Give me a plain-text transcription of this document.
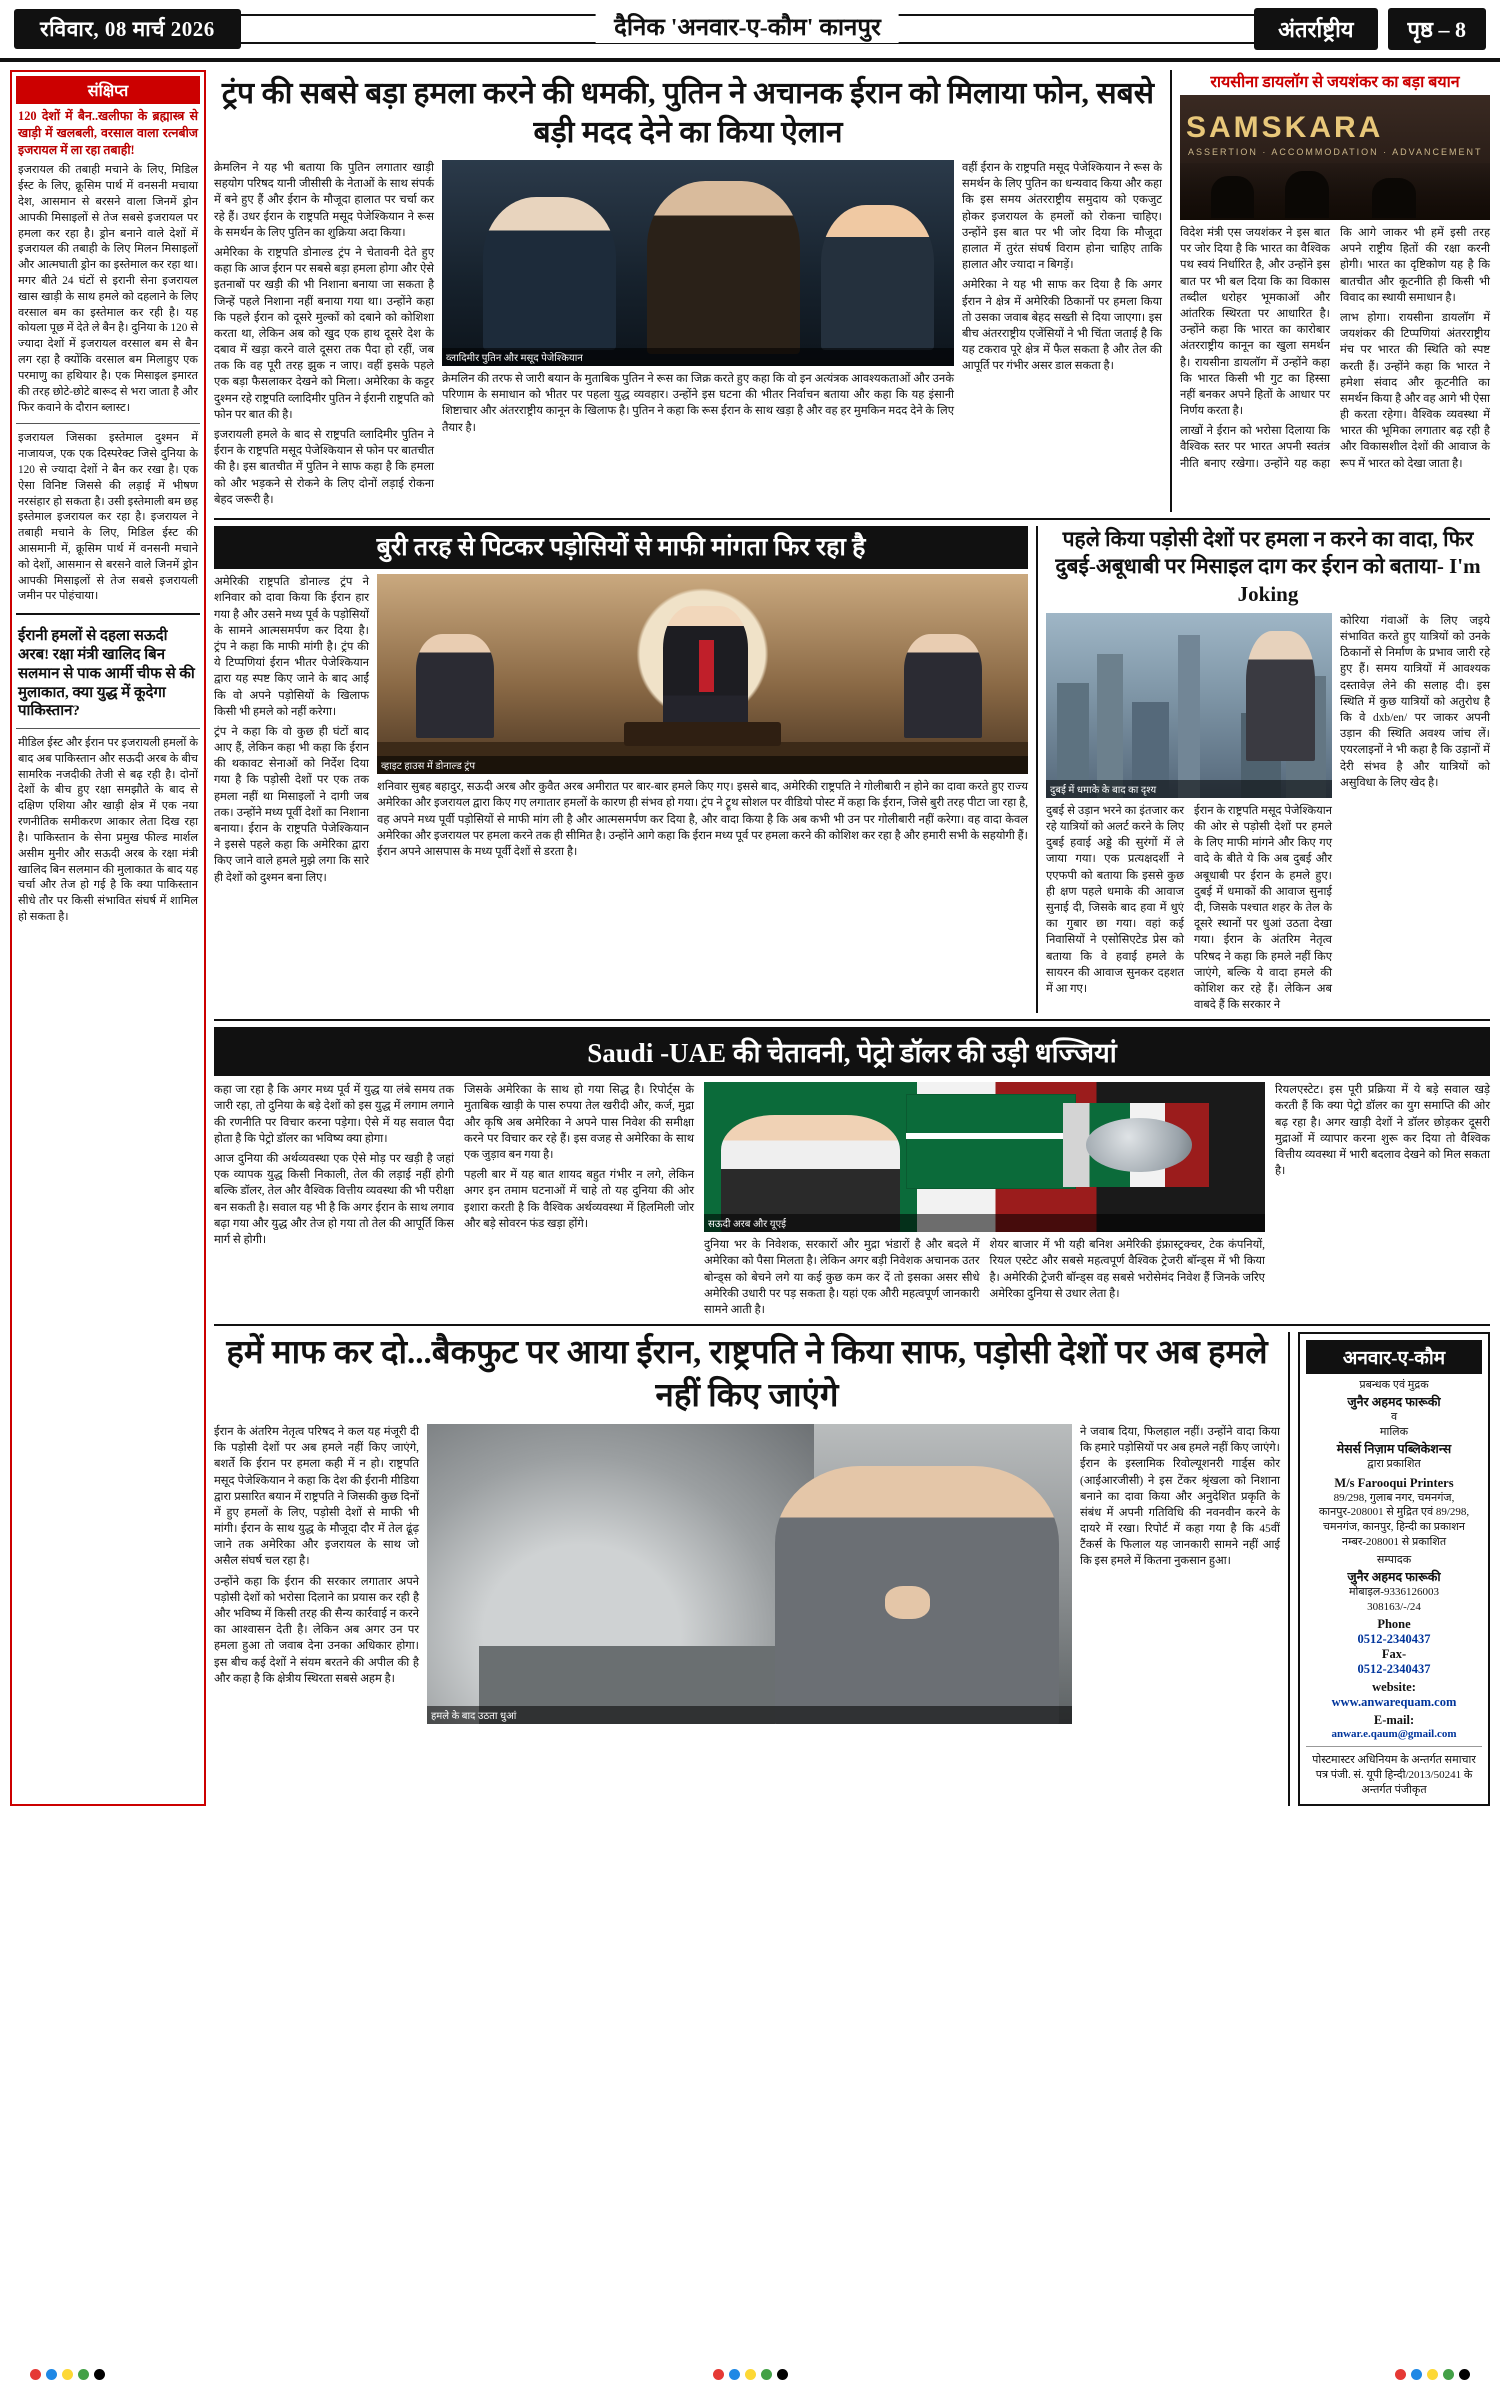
रविवार, 08 मार्च 2026	दैनिक 'अनवार-ए-कौम' कानपुर	अंतर्राष्ट्रीय	पृष्ठ – 8
संक्षिप्त
120 देशों में बैन..खलीफा के ब्रह्मास्त्र से खाड़ी में खलबली, वरसाल वाला रत्नबीज इजरायल में ला रहा तबाही!
इजरायल की तबाही मचाने के लिए, मिडिल ईस्ट के लिए, क्रूसिम पार्थ में वनसनी मचाया देश, आसमान से बरसने वाला जिनमें ड्रोन आपकी मिसाइलों से तेज सबसे इजरायल पर हमला कर रहा है। ड्रोन बनाने वाले देशों में इजरायल की तबाही के लिए मिलन मिसाइलों और आत्मघाती ड्रोन का इस्तेमाल कर रहा था। मगर बीते 24 घंटों से इरानी सेना इजरायल खास खाड़ी के साथ हमले को दहलाने के लिए वरसाल बम का इस्तेमाल कर रही है। यह कोयला पूछ में देते ले बैन है। दुनिया के 120 से ज्यादा देशों में इजरायल वरसाल बम से बैन लग रहा है क्योंकि वरसाल बम मिलाहुए एक परमाणु का हथियार है। एक मिसाइल इमारत की तरह छोटे-छोटे बारूद से भरा जाता है और फिर कवाने के दौरान ब्लास्ट।
इजरायल जिसका इस्तेमाल दुश्मन में नाजायज, एक एक दिस्परेक्ट जिसे दुनिया के 120 से ज्यादा देशों ने बैन कर रखा है। एक ऐसा विनिष्ट जिससे की लड़ाई में भीषण नरसंहार हो सकता है। उसी इस्तेमाली बम छह इस्तेमाल इजरायल कर रहा है। इजरायल ने तबाही मचाने के लिए, मिडिल ईस्ट की आसमानी में, क्रूसिम पार्थ में वनसनी मचाने को देशों, आसमान से बरसने वाले जिनमें ड्रोन आपकी मिसाइलों से तेज सबसे इजरायली जमीन पर पोहंचाया।
ईरानी हमलों से दहला सऊदी अरब! रक्षा मंत्री खालिद बिन सलमान से पाक आर्मी चीफ से की मुलाकात, क्या युद्ध में कूदेगा पाकिस्तान?
मीडिल ईस्ट और ईरान पर इजरायली हमलों के बाद अब पाकिस्तान और सऊदी अरब के बीच सामरिक नजदीकी तेजी से बढ़ रही है। दोनों देशों के बीच हुए रक्षा समझौते के बाद से दक्षिण एशिया और खाड़ी क्षेत्र में एक नया रणनीतिक समीकरण आकार लेता दिख रहा है। पाकिस्तान के सेना प्रमुख फील्ड मार्शल असीम मुनीर और सऊदी अरब के रक्षा मंत्री खालिद बिन सलमान की मुलाकात के बाद यह चर्चा और तेज हो गई है कि क्या पाकिस्तान सीधे तौर पर किसी संभावित संघर्ष में शामिल हो सकता है।
ट्रंप की सबसे बड़ा हमला करने की धमकी, पुतिन ने अचानक ईरान को मिलाया फोन, सबसे बड़ी मदद देने का किया ऐलान

क्रेमलिन ने यह भी बताया कि पुतिन लगातार खाड़ी सहयोग परिषद यानी जीसीसी के नेताओं के साथ संपर्क में बने हुए हैं और ईरान के मौजूदा हालात पर चर्चा कर रहे हैं। उधर ईरान के राष्ट्रपति मसूद पेजेश्कियान ने रूस के समर्थन के लिए पुतिन का शुक्रिया अदा किया।

अमेरिका के राष्ट्रपति डोनाल्ड ट्रंप ने चेतावनी देते हुए कहा कि आज ईरान पर सबसे बड़ा हमला होगा और ऐसे इतनाबों पर खड़ी की भी निशाना बनाया जा सकता है जिन्हें पहले निशाना नहीं बनाया गया था। उन्होंने कहा कि पहले ईरान को दूसरे मुल्कों को दबाने को कोशिशा करता था, लेकिन अब को खुद एक हाथ दूसरे देश के दबाव में खड़ा करने वाले दूसरा तक पैदा हो रहीं, जब तक कि वह पूरी तरह झुक न जाए। वहीं इसके पहले एक बड़ा फैसलाकर देखने को मिला। अमेरिका के कट्टर दुश्मन रहे राष्ट्रपति व्लादिमीर पुतिन ने ईरानी राष्ट्रपति को फोन पर बात की है।

इजरायली हमले के बाद से राष्ट्रपति व्लादिमीर पुतिन ने ईरान के राष्ट्रपति मसूद पेजेश्कियान से फोन पर बातचीत की है। इस बातचीत में पुतिन ने साफ कहा है कि हमला को और भड़कने से रोकने के लिए दोनों लड़ाई रोकना बेहद जरूरी है।

व्लादिमीर पुतिन और मसूद पेजेश्कियान

क्रेमलिन की तरफ से जारी बयान के मुताबिक पुतिन ने रूस का जिक्र करते हुए कहा कि वो इन अत्यंत्रक आवश्यकताओं और उनके परिणाम के समाधान को भीतर पर पहला युद्ध व्यवहार। उन्होंने इस घटना की भीतर निर्वाचन बताया और कहा कि यह इंसानी शिष्टाचार और अंतरराष्ट्रीय कानून के खिलाफ है। पुतिन ने कहा कि रूस ईरान के साथ खड़ा है और वह हर मुमकिन मदद देने के लिए तैयार है।

वहीं ईरान के राष्ट्रपति मसूद पेजेश्कियान ने रूस के समर्थन के लिए पुतिन का धन्यवाद किया और कहा कि इस समय अंतरराष्ट्रीय समुदाय को एकजुट होकर इजरायल के हमलों को रोकना चाहिए। उन्होंने इस बात पर भी जोर दिया कि मौजूदा हालात में तुरंत संघर्ष विराम होना चाहिए ताकि हालात और ज्यादा न बिगड़ें।

अमेरिका ने यह भी साफ कर दिया है कि अगर ईरान ने क्षेत्र में अमेरिकी ठिकानों पर हमला किया तो उसका जवाब बेहद सख्ती से दिया जाएगा। इस बीच अंतरराष्ट्रीय एजेंसियों ने भी चिंता जताई है कि यह टकराव पूरे क्षेत्र में फैल सकता है और तेल की आपूर्ति पर गंभीर असर डाल सकता है।

रायसीना डायलॉग से जयशंकर का बड़ा बयान
SAMSKARA
ASSERTION · ACCOMMODATION · ADVANCEMENT

विदेश मंत्री एस जयशंकर ने इस बात पर जोर दिया है कि भारत का वैश्विक पथ स्वयं निर्धारित है, और उन्होंने इस बात पर भी बल दिया कि का विकास तब्दील धरोहर भूमकाओं और आंतरिक स्थिरता पर आधारित है। उन्होंने कहा कि भारत का कारोबार अंतरराष्ट्रीय कानून का खुला समर्थन है। रायसीना डायलॉग में उन्होंने कहा कि भारत किसी भी गुट का हिस्सा नहीं बनकर अपने हितों के आधार पर निर्णय करता है।

लाखों ने ईरान को भरोसा दिलाया कि वैश्विक स्तर पर भारत अपनी स्वतंत्र नीति बनाए रखेगा। उन्होंने यह कहा कि आगे जाकर भी हमें इसी तरह अपने राष्ट्रीय हितों की रक्षा करनी होगी। भारत का दृष्टिकोण यह है कि बातचीत और कूटनीति ही किसी भी विवाद का स्थायी समाधान है।

लाभ होगा। रायसीना डायलॉग में जयशंकर की टिप्पणियां अंतरराष्ट्रीय मंच पर भारत की स्थिति को स्पष्ट करती हैं। उन्होंने कहा कि भारत ने हमेशा संवाद और कूटनीति का समर्थन किया है और वह आगे भी ऐसा ही करता रहेगा। वैश्विक व्यवस्था में भारत की भूमिका लगातार बढ़ रही है और विकासशील देशों की आवाज के रूप में भारत को देखा जाता है।

बुरी तरह से पिटकर पड़ोसियों से माफी मांगता फिर रहा है

अमेरिकी राष्ट्रपति डोनाल्ड ट्रंप ने शनिवार को दावा किया कि ईरान हार गया है और उसने मध्य पूर्व के पड़ोसियों के सामने आत्मसमर्पण कर दिया है। ट्रंप ने कहा कि माफी मांगी है। ट्रंप की ये टिप्पणियां ईरान भीतर पेजेश्कियान द्वारा यह स्पष्ट किए जाने के बाद आईं कि वो अपने पड़ोसियों के खिलाफ किसी भी हमले को नहीं करेगा।

ट्रंप ने कहा कि वो कुछ ही घंटों बाद आए हैं, लेकिन कहा भी कहा कि ईरान की थकावट सेनाओं को निर्देश दिया गया है कि पड़ोसी देशों पर एक तक हमला नहीं था मिसाइलों ने दागी जब तक। उन्होंने मध्य पूर्वी देशों का निशाना बनाया। ईरान के राष्ट्रपति पेजेश्कियान ने इससे पहले कहा कि अमेरिका द्वारा किए जाने वाले हमले मुझे लगा कि सारे ही देशों को दुश्मन बना लिए।

व्हाइट हाउस में डोनाल्ड ट्रंप

शनिवार सुबह बहादुर, सऊदी अरब और कुवैत अरब अमीरात पर बार-बार हमले किए गए। इससे बाद, अमेरिकी राष्ट्रपति ने गोलीबारी न होने का दावा करते हुए राज्य अमेरिका और इजरायल द्वारा किए गए लगातार हमलों के कारण ही संभव हो गया। ट्रंप ने ट्रूथ सोशल पर वीडियो पोस्ट में कहा कि ईरान, जिसे बुरी तरह पीटा जा रहा है, वह अपने मध्य पूर्वी पड़ोसियों से माफी मांग ली है और आत्मसमर्पण कर दिया है, और वादा किया है कि अब कभी भी उन पर गोलीबारी नहीं करेगा। वह वादा केवल अमेरिका और इजरायल पर हमला करने तक ही सीमित है। उन्होंने आगे कहा कि ईरान मध्य पूर्व पर हमला करने की कोशिश कर रहा है और हमारी सभी के सहयोगी हैं। ईरान अपने आसपास के मध्य पूर्वी देशों से डरता है।

पहले किया पड़ोसी देशों पर हमला न करने का वादा, फिर दुबई-अबूधाबी पर मिसाइल दाग कर ईरान को बताया- I'm Joking
दुबई में धमाके के बाद का दृश्य

दुबई से उड़ान भरने का इंतजार कर रहे यात्रियों को अलर्ट करने के लिए दुबई हवाई अड्डे की सुरंगों में ले जाया गया। एक प्रत्यक्षदर्शी ने एएफपी को बताया कि इससे कुछ ही क्षण पहले धमाके की आवाज सुनाई दी, जिसके बाद हवा में धुएं का गुबार छा गया। वहां कई निवासियों ने एसोसिएटेड प्रेस को बताया कि वे हवाई हमले के सायरन की आवाज सुनकर दहशत में आ गए।

ईरान के राष्ट्रपति मसूद पेजेश्कियान की ओर से पड़ोसी देशों पर हमले के लिए माफी मांगने और किए गए वादे के बीते ये कि अब दुबई और अबूधाबी पर ईरान के हमले हुए। दुबई में धमाकों की आवाज सुनाई दी, जिसके पश्चात शहर के तेल के दूसरे स्थानों पर धुआं उठता देखा गया। ईरान के अंतरिम नेतृत्व परिषद ने कहा कि हमले नहीं किए जाएंगे, बल्कि ये वादा हमले की कोशिश कर रहे हैं। लेकिन अब वाबदे हैं कि सरकार ने

कोरिया गंवाओं के लिए जइये संभावित करते हुए यात्रियों को उनके ठिकानों से निर्माण के प्रभाव जारी रहे हुए हैं। समय यात्रियों में आवश्यक दस्तावेज़ लेने की सलाह दी। इस स्थिति में कुछ यात्रियों को अतुरोध है कि वे dxb/en/ पर जाकर अपनी उड़ान की स्थिति अवश्य जांच लें। एयरलाइनों ने भी कहा है कि उड़ानों में देरी संभव है और यात्रियों को असुविधा के लिए खेद है।

Saudi -UAE की चेतावनी, पेट्रो डॉलर की उड़ी धज्जियां

कहा जा रहा है कि अगर मध्य पूर्व में युद्ध या लंबे समय तक जारी रहा, तो दुनिया के बड़े देशों को इस युद्ध में लगाम लगाने की रणनीति पर विचार करना पड़ेगा। ऐसे में यह सवाल पैदा होता है कि पेट्रो डॉलर का भविष्य क्या होगा।

आज दुनिया की अर्थव्यवस्था एक ऐसे मोड़ पर खड़ी है जहां एक व्यापक युद्ध किसी निकाली, तेल की लड़ाई नहीं होगी बल्कि डॉलर, तेल और वैश्विक वित्तीय व्यवस्था की भी परीक्षा बन सकती है। सवाल यह भी है कि अगर ईरान के साथ लगाव बढ़ा गया और युद्ध और तेज हो गया तो तेल की आपूर्ति किस मार्ग से होगी।

जिसके अमेरिका के साथ हो गया सिद्ध है। रिपोर्ट्स के मुताबिक खाड़ी के पास रुपया तेल खरीदी और, कर्ज, मुद्रा और कृषि अब अमेरिका ने अपने पास निवेश की समीक्षा करने पर विचार कर रहे हैं। इस वजह से अमेरिका के साथ एक जुड़ाव बन गया है।

पहली बार में यह बात शायद बहुत गंभीर न लगे, लेकिन अगर इन तमाम घटनाओं में चाहे तो यह दुनिया की ओर इशारा करती है कि वैश्विक अर्थव्यवस्था में हिलमिली जोर और बड़े सोवरन फंड खड़ा होंगे।	सऊदी अरब और यूएई

दुनिया भर के निवेशक, सरकारों और मुद्रा भंडारों है और बदले में अमेरिका को पैसा मिलता है। लेकिन अगर बड़ी निवेशक अचानक उतर बोन्ड्स को बेचने लगे या कई कुछ कम कर दें तो इसका असर सीधे अमेरिकी उधारी पर पड़ सकता है। यहां एक औरी महत्वपूर्ण जानकारी सामने आती है।

शेयर बाजार में भी यही बनिश अमेरिकी इंफ्रास्ट्रक्चर, टेक कंपनियों, रियल एस्टेट और सबसे महत्वपूर्ण वैश्विक ट्रेजरी बॉन्ड्स में भी किया है। अमेरिकी ट्रेजरी बॉन्ड्स वह सबसे भरोसेमंद निवेश हैं जिनके जरिए अमेरिका दुनिया से उधार लेता है।

रियलएस्टेट। इस पूरी प्रक्रिया में ये बड़े सवाल खड़े करती हैं कि क्या पेट्रो डॉलर का युग समाप्ति की ओर बढ़ रहा है। अगर खाड़ी देशों ने डॉलर छोड़कर दूसरी मुद्राओं में व्यापार करना शुरू कर दिया तो वैश्विक वित्तीय व्यवस्था में भारी बदलाव देखने को मिल सकता है।

हमें माफ कर दो...बैकफुट पर आया ईरान, राष्ट्रपति ने किया साफ, पड़ोसी देशों पर अब हमले नहीं किए जाएंगे

ईरान के अंतरिम नेतृत्व परिषद ने कल यह मंजूरी दी कि पड़ोसी देशों पर अब हमले नहीं किए जाएंगे, बशर्ते कि ईरान पर हमला कही में न हो। राष्ट्रपति मसूद पेजेश्कियान ने कहा कि देश की ईरानी मीडिया द्वारा प्रसारित बयान में राष्ट्रपति ने जिसकी कुछ दिनों में हुए हमलों के लिए, पड़ोसी देशों से माफी भी मांगी। ईरान के साथ युद्ध के मौजूदा दौर में तेल ढूंढ़ जाने तक अमेरिका और इजरायल के साथ जो असैल संघर्ष चल रहा है।

उन्होंने कहा कि ईरान की सरकार लगातार अपने पड़ोसी देशों को भरोसा दिलाने का प्रयास कर रही है और भविष्य में किसी तरह की सैन्य कार्रवाई न करने का आश्वासन देती है। लेकिन अब अगर उन पर हमला हुआ तो जवाब देना उनका अधिकार होगा। इस बीच कई देशों ने संयम बरतने की अपील की है और कहा है कि क्षेत्रीय स्थिरता सबसे अहम है।

हमले के बाद उठता धुआं

ने जवाब दिया, फिलहाल नहीं। उन्होंने वादा किया कि हमारे पड़ोसियों पर अब हमले नहीं किए जाएंगे। ईरान के इस्लामिक रिवोल्यूशनरी गार्ड्स कोर (आईआरजीसी) ने इस टेंकर श्रृंखला को निशाना बनाने का दावा किया और अनुदेशित प्रकृति के संबंध में अपनी गतिविधि की नवनवीन करने के दायरे में रखा। रिपोर्ट में कहा गया है कि 45वीं टैंकर्स के फिलाल यह जानकारी सामने नहीं आई कि इस हमले में कितना नुकसान हुआ।

अनवार-ए-कौम
प्रबन्धक एवं मुद्रक
जुनैर अहमद फारूकी
व
मालिक
मेसर्स निज़ाम पब्लिकेशन्स
द्वारा प्रकाशित
M/s Farooqui Printers
89/298, गुलाब नगर, चमनगंज, कानपुर-208001 से मुद्रित एवं 89/298, चमनगंज, कानपुर, हिन्दी का प्रकाशन नम्बर-208001 से प्रकाशित
सम्पादक
जुनैर अहमद फारूकी
मोबाइल-9336126003
308163/-/24
Phone
0512-2340437
Fax-
0512-2340437
website:
www.anwarequam.com
E-mail:
anwar.e.qaum@gmail.com
पोस्टमास्टर अधिनियम के अन्तर्गत समाचार पत्र पंजी. सं. यूपी हिन्दी/2013/50241 के अन्तर्गत पंजीकृत
